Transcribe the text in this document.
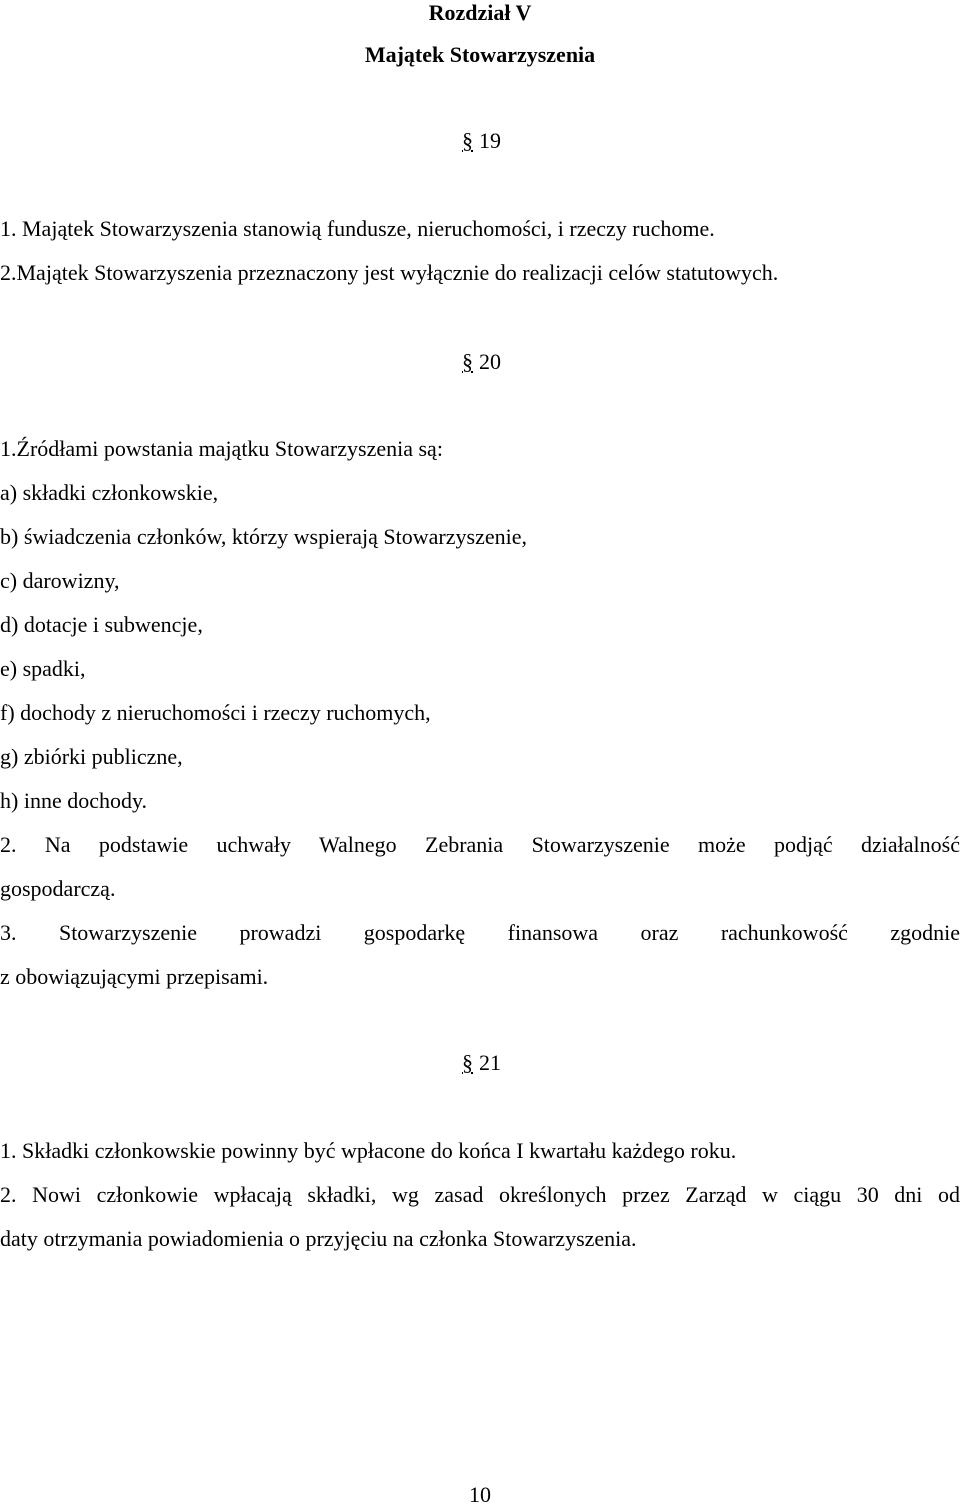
Rozdział V
Majątek Stowarzyszenia
§ 19
1. Majątek Stowarzyszenia stanowią fundusze, nieruchomości, i rzeczy ruchome.
2.Majątek Stowarzyszenia przeznaczony jest wyłącznie do realizacji celów statutowych.
§ 20
1.Źródłami powstania majątku Stowarzyszenia są:
a) składki członkowskie,
b) świadczenia członków, którzy wspierają Stowarzyszenie,
c) darowizny,
d) dotacje i subwencje,
e) spadki,
f) dochody z nieruchomości i rzeczy ruchomych,
g) zbiórki publiczne,
h) inne dochody.
2. Na podstawie uchwały Walnego Zebrania Stowarzyszenie może podjąć działalność
gospodarczą.
3. Stowarzyszenie prowadzi gospodarkę finansowa oraz rachunkowość zgodnie
z obowiązującymi przepisami.
§ 21
1. Składki członkowskie powinny być wpłacone do końca I kwartału każdego roku.
2. Nowi członkowie wpłacają składki, wg zasad określonych przez Zarząd w ciągu 30 dni od
daty otrzymania powiadomienia o przyjęciu na członka Stowarzyszenia.
10
